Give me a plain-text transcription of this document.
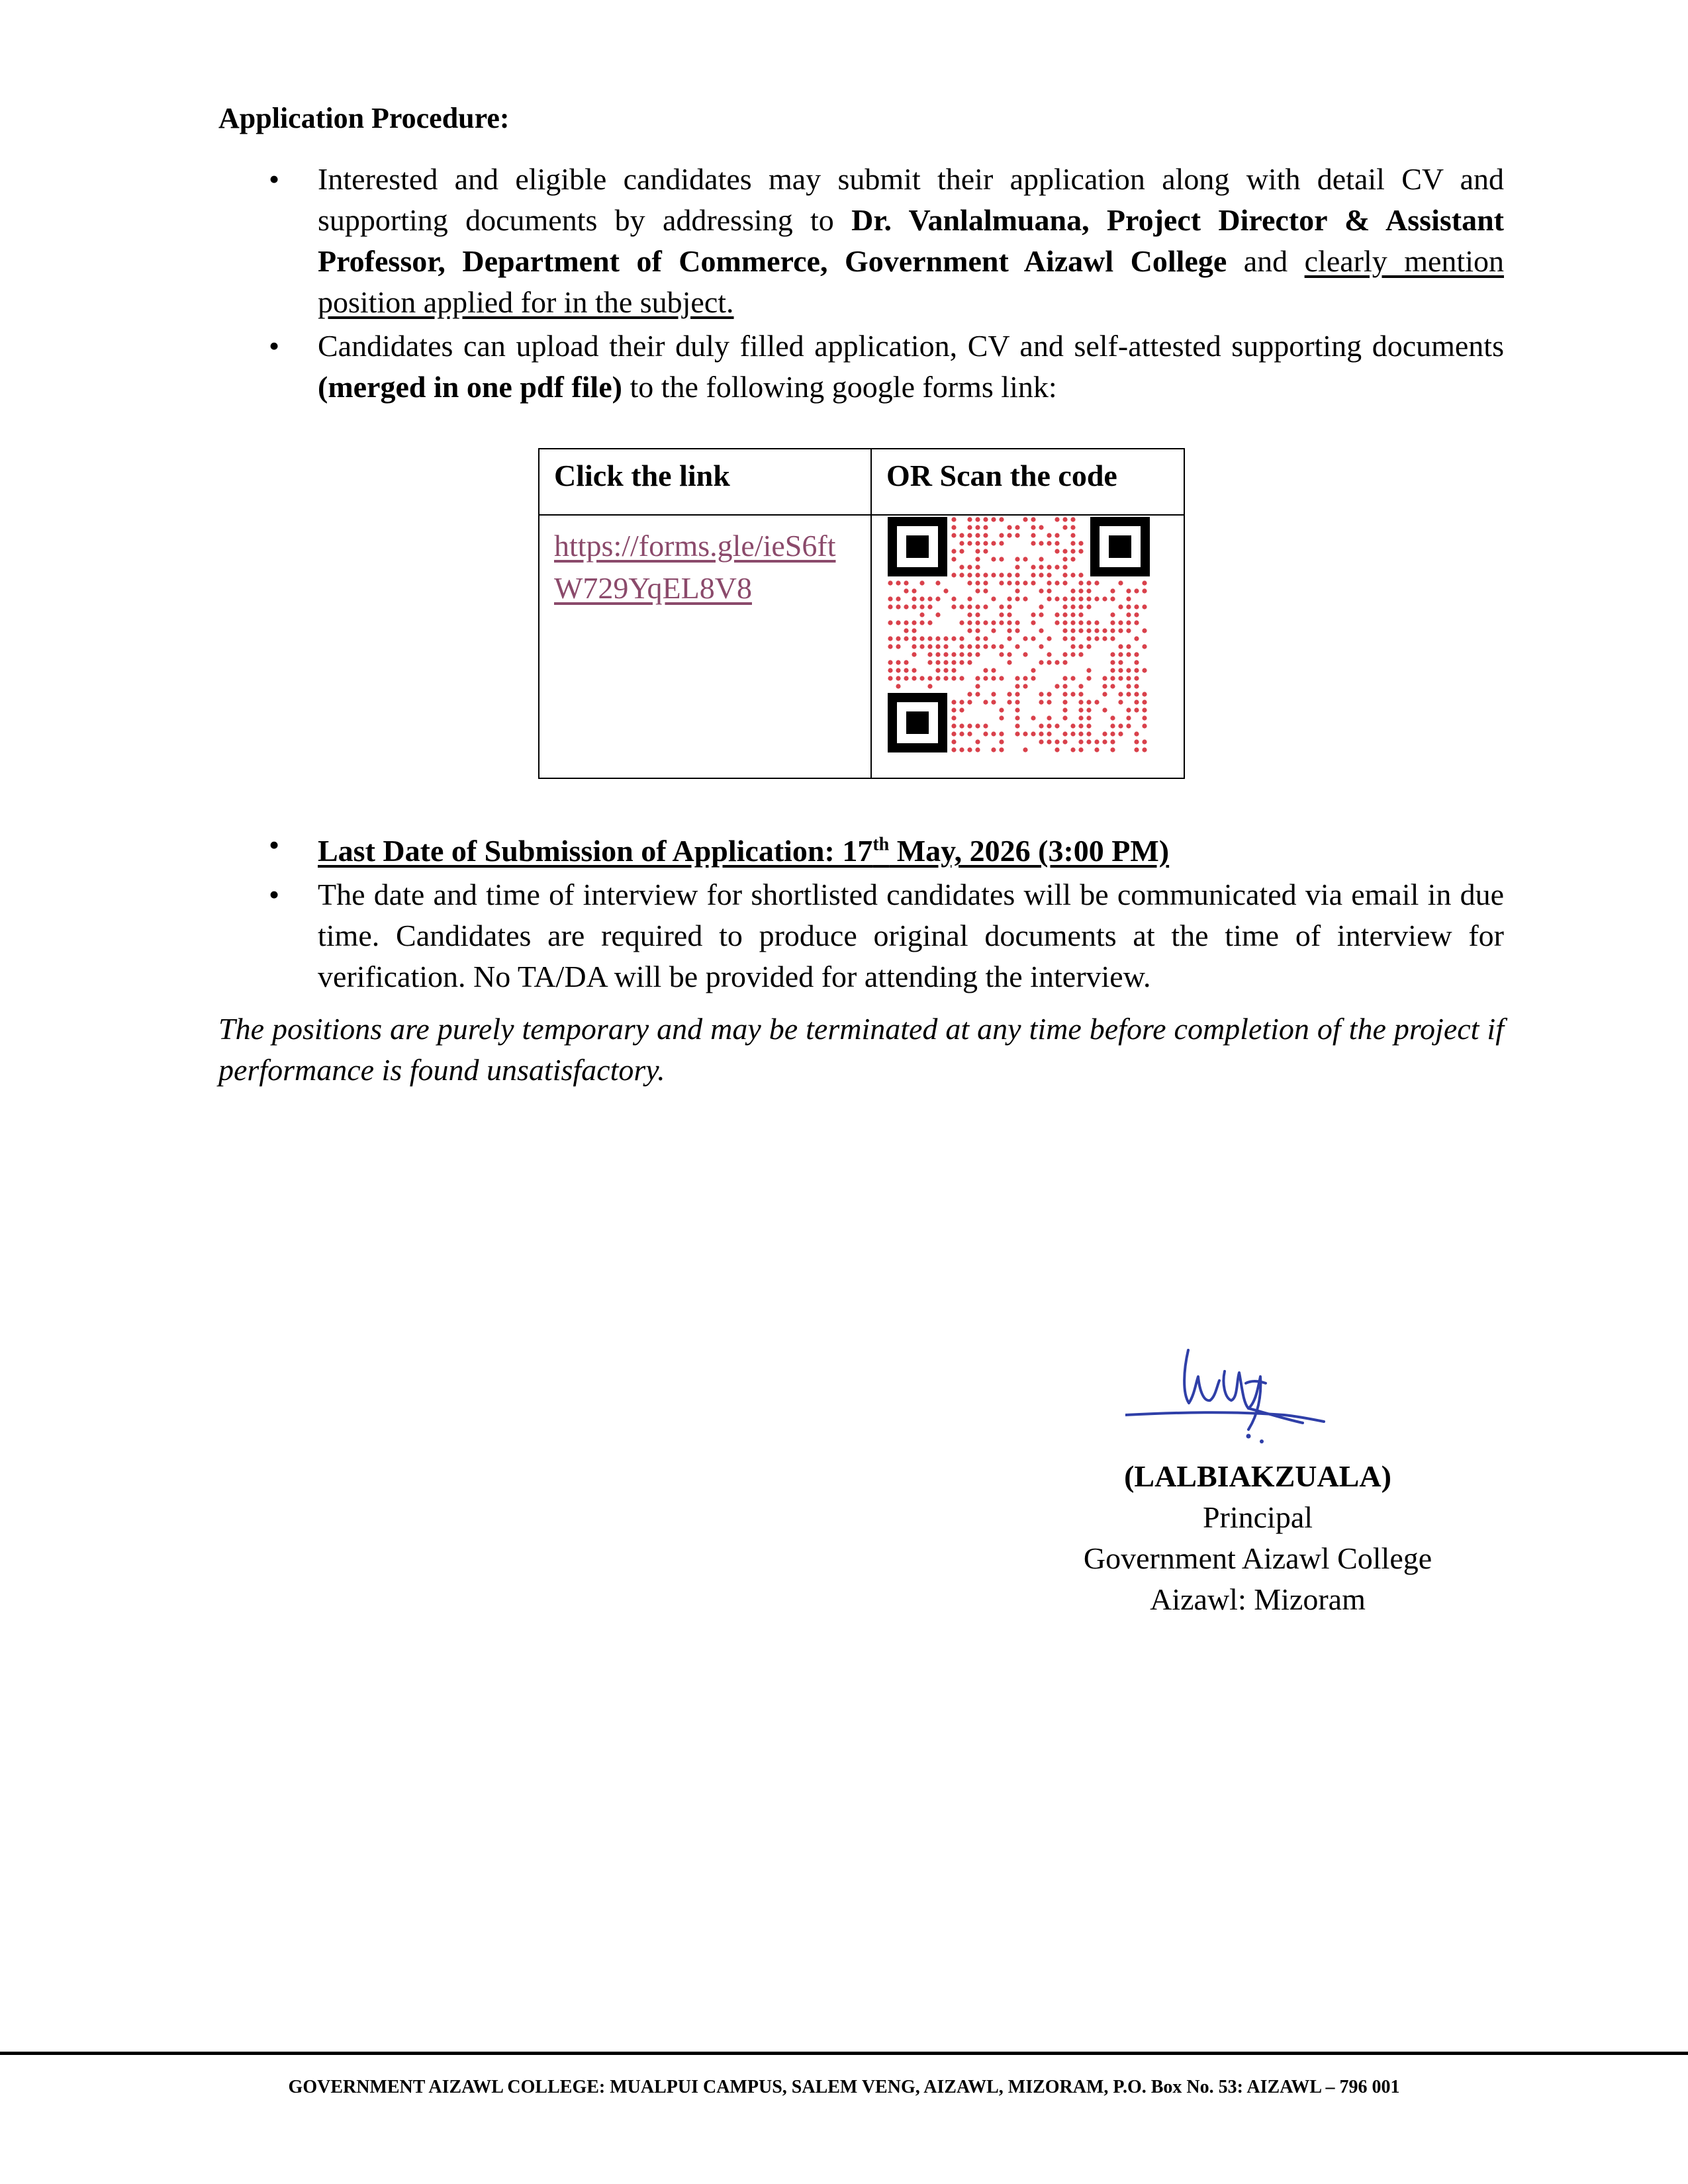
Application Procedure:
• Interested and eligible candidates may submit their application along with detail CV and supporting documents by addressing to Dr. Vanlalmuana, Project Director & Assistant Professor, Department of Commerce, Government Aizawl College and clearly mention position applied for in the subject.
• Candidates can upload their duly filled application, CV and self-attested supporting documents (merged in one pdf file) to the following google forms link:
Click the link	OR Scan the code

https://forms.gle/ieS6ftW729YqEL8V8

• Last Date of Submission of Application: 17th May, 2026 (3:00 PM)
• The date and time of interview for shortlisted candidates will be communicated via email in due time. Candidates are required to produce original documents at the time of interview for verification. No TA/DA will be provided for attending the interview.

The positions are purely temporary and may be terminated at any time before completion of the project if performance is found unsatisfactory.

(LALBIAKZUALA)
Principal
Government Aizawl College
Aizawl: Mizoram
GOVERNMENT AIZAWL COLLEGE: MUALPUI CAMPUS, SALEM VENG, AIZAWL, MIZORAM, P.O. Box No. 53: AIZAWL – 796 001
